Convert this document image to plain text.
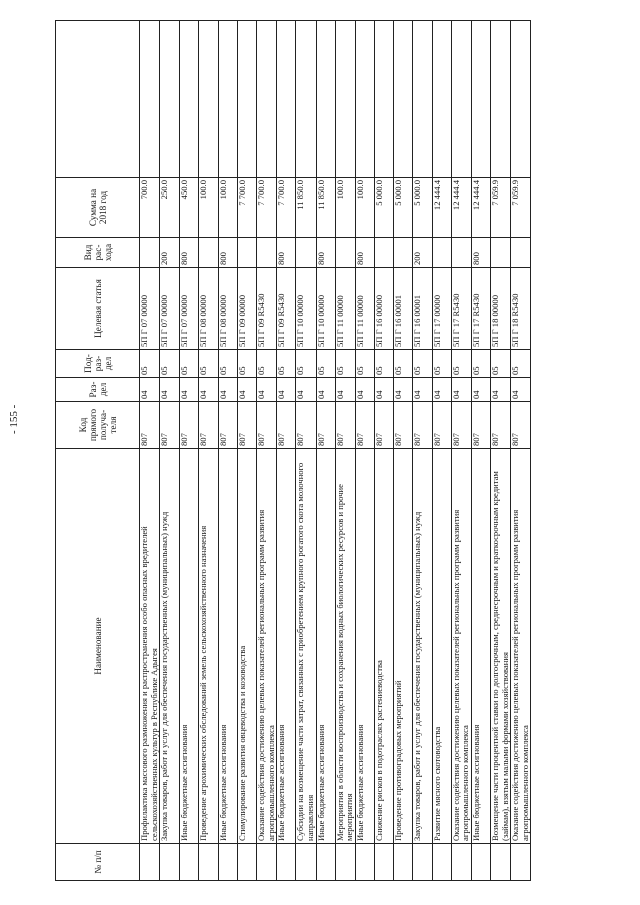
- 155 -
№ п/п	Наименование	Код прямого получа-теля	Раз-дел	Под-раз-дел	Целевая статья	Вид рас-хода	Сумма на 2018 год	
	Профилактика массового размножения и распространения особо опасных вредителей сельскохозяйственных культур в Республике Адыгея	807	04	05	5П Г 07 00000		700.0	
	Закупка товаров, работ и услуг для обеспечения государственных (муниципальных) нужд	807	04	05	5П Г 07 00000	200	250.0	
	Иные бюджетные ассигнования	807	04	05	5П Г 07 00000	800	450.0	
	Проведение агрохимических обследований земель сельскохозяйственного назначения	807	04	05	5П Г 08 00000		100.0	
	Иные бюджетные ассигнования	807	04	05	5П Г 08 00000	800	100.0	
	Стимулирование развития овцеводства и козоводства	807	04	05	5П Г 09 00000		7 700.0	
	Оказание содействия достижению целевых показателей региональных программ развития агропромышленного комплекса	807	04	05	5П Г 09 R5430		7 700.0	
	Иные бюджетные ассигнования	807	04	05	5П Г 09 R5430	800	7 700.0	
	Субсидии на возмещение части затрат, связанных с приобретением крупного рогатого скота молочного направления	807	04	05	5П Г 10 00000		11 850.0	
	Иные бюджетные ассигнования	807	04	05	5П Г 10 00000	800	11 850.0	
	Мероприятия в области воспроизводства и сохранения водных биологических ресурсов и прочие мероприятия	807	04	05	5П Г 11 00000		100.0	
	Иные бюджетные ассигнования	807	04	05	5П Г 11 00000	800	100.0	
	Снижение рисков в подотраслях растениеводства	807	04	05	5П Г 16 00000		5 000.0	
	Проведение противоградовых мероприятий	807	04	05	5П Г 16 00001		5 000.0	
	Закупка товаров, работ и услуг для обеспечения государственных (муниципальных) нужд	807	04	05	5П Г 16 00001	200	5 000.0	
	Развитие мясного скотоводства	807	04	05	5П Г 17 00000		12 444.4	
	Оказание содействия достижению целевых показателей региональных программ развития агропромышленного комплекса	807	04	05	5П Г 17 R5430		12 444.4	
	Иные бюджетные ассигнования	807	04	05	5П Г 17 R5430	800	12 444.4	
	Возмещение части процентной ставки по долгосрочным, среднесрочным и краткосрочным кредитам (займам), взятым малыми формами хозяйствования	807	04	05	5П Г 18 00000		7 059.9	
	Оказание содействия достижению целевых показателей региональных программ развития агропромышленного комплекса	807	04	05	5П Г 18 R5430		7 059.9	
